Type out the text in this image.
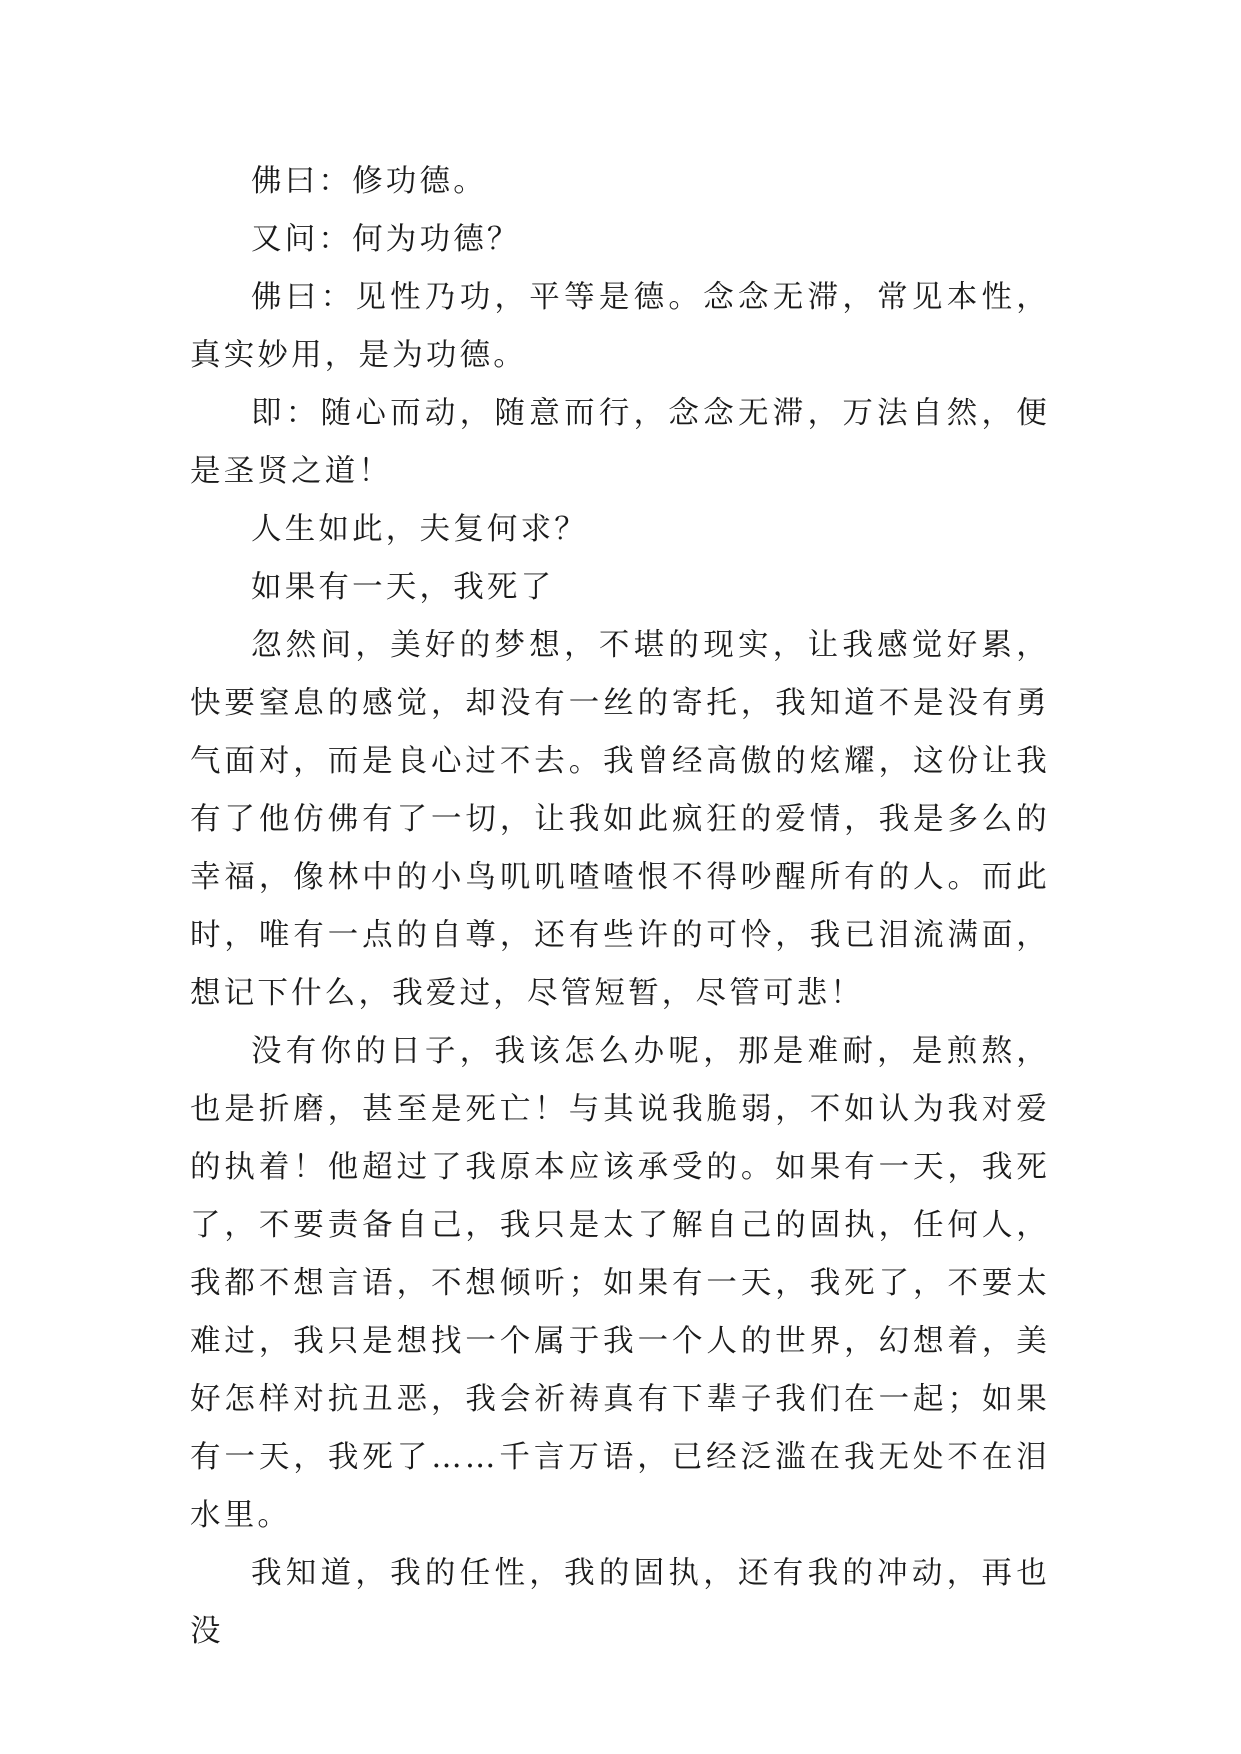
佛曰：修功德。

又问：何为功德？

佛曰：见性乃功，平等是德。念念无滞，常见本性，真实妙用，是为功德。

即：随心而动，随意而行，念念无滞，万法自然，便是圣贤之道！

人生如此，夫复何求？

如果有一天，我死了

忽然间，美好的梦想，不堪的现实，让我感觉好累，快要窒息的感觉，却没有一丝的寄托，我知道不是没有勇气面对，而是良心过不去。我曾经高傲的炫耀，这份让我有了他仿佛有了一切，让我如此疯狂的爱情，我是多么的幸福，像林中的小鸟叽叽喳喳恨不得吵醒所有的人。而此时，唯有一点的自尊，还有些许的可怜，我已泪流满面，想记下什么，我爱过，尽管短暂，尽管可悲！

没有你的日子，我该怎么办呢，那是难耐，是煎熬，也是折磨，甚至是死亡！与其说我脆弱，不如认为我对爱的执着！他超过了我原本应该承受的。如果有一天，我死了，不要责备自己，我只是太了解自己的固执，任何人，我都不想言语，不想倾听；如果有一天，我死了，不要太难过，我只是想找一个属于我一个人的世界，幻想着，美好怎样对抗丑恶，我会祈祷真有下辈子我们在一起；如果有一天，我死了……千言万语，已经泛滥在我无处不在泪水里。

我知道，我的任性，我的固执，还有我的冲动，再也没
